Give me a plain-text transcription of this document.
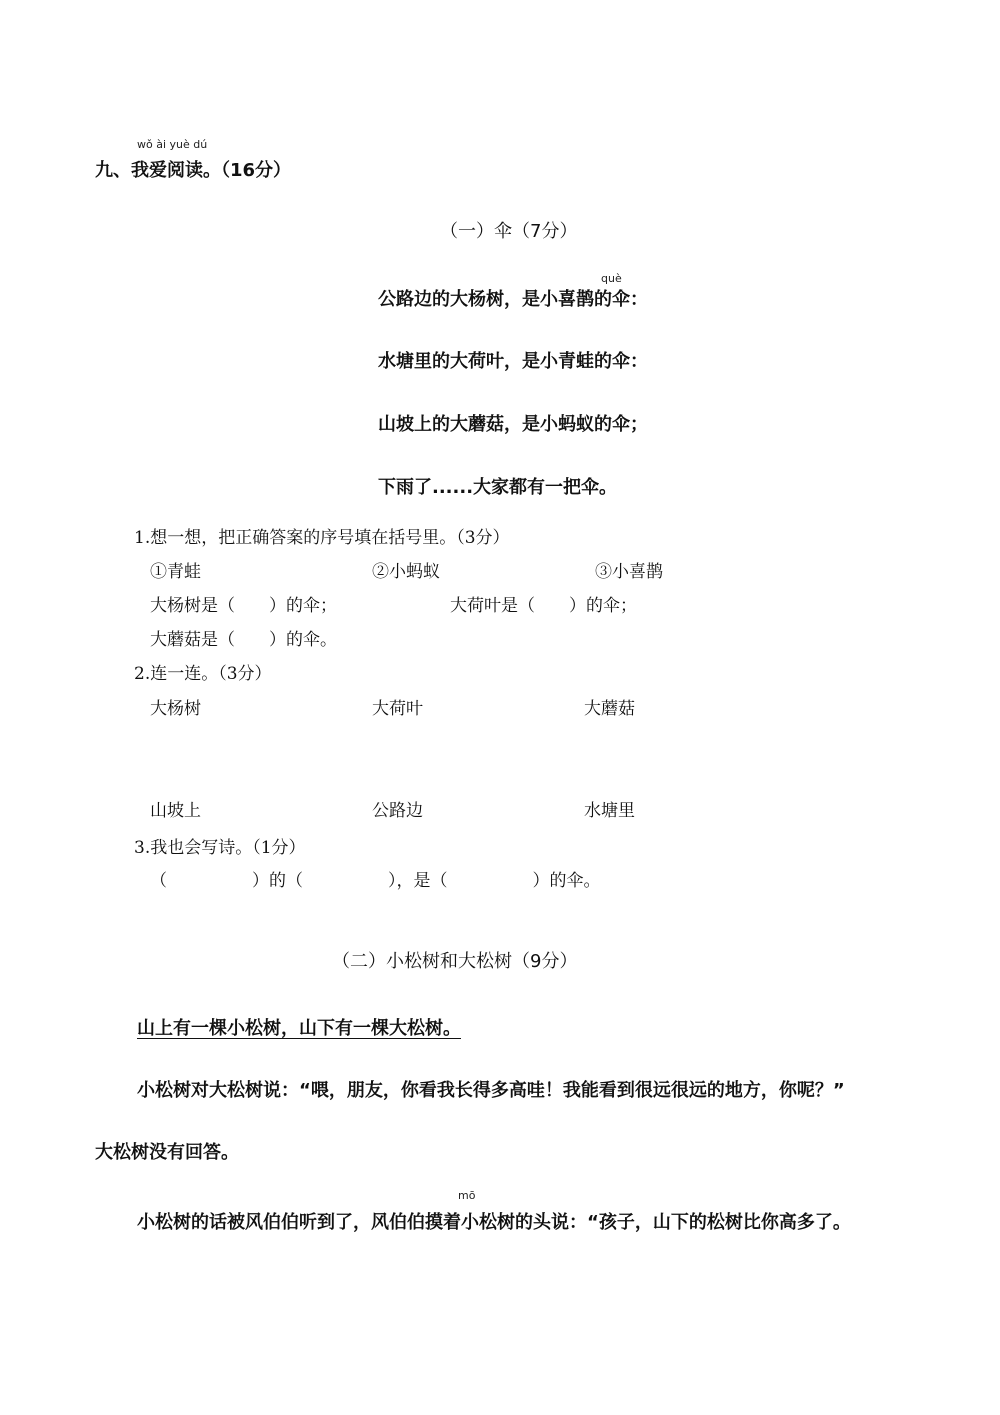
wǒ ài yuè dú
九、我爱阅读。（16分）
（一）伞（7分）
què
公路边的大杨树，是小喜鹊的伞：
水塘里的大荷叶，是小青蛙的伞：
山坡上的大蘑菇，是小蚂蚁的伞；
下雨了......大家都有一把伞。
1.想一想，把正确答案的序号填在括号里。（3分）
①青蛙	②小蚂蚁	③小喜鹊
大杨树是（　　）的伞；	大荷叶是（　　）的伞；
大蘑菇是（　　）的伞。
2.连一连。（3分）
大杨树	大荷叶	大蘑菇
山坡上	公路边	水塘里
3.我也会写诗。（1分）
（　　　　　）的（　　　　　），是（　　　　　）的伞。
（二）小松树和大松树（9分）
山上有一棵小松树，山下有一棵大松树。
小松树对大松树说：“喂，朋友，你看我长得多高哇！我能看到很远很远的地方，你呢？”
大松树没有回答。
mō
小松树的话被风伯伯听到了，风伯伯摸着小松树的头说：“孩子，山下的松树比你高多了。
